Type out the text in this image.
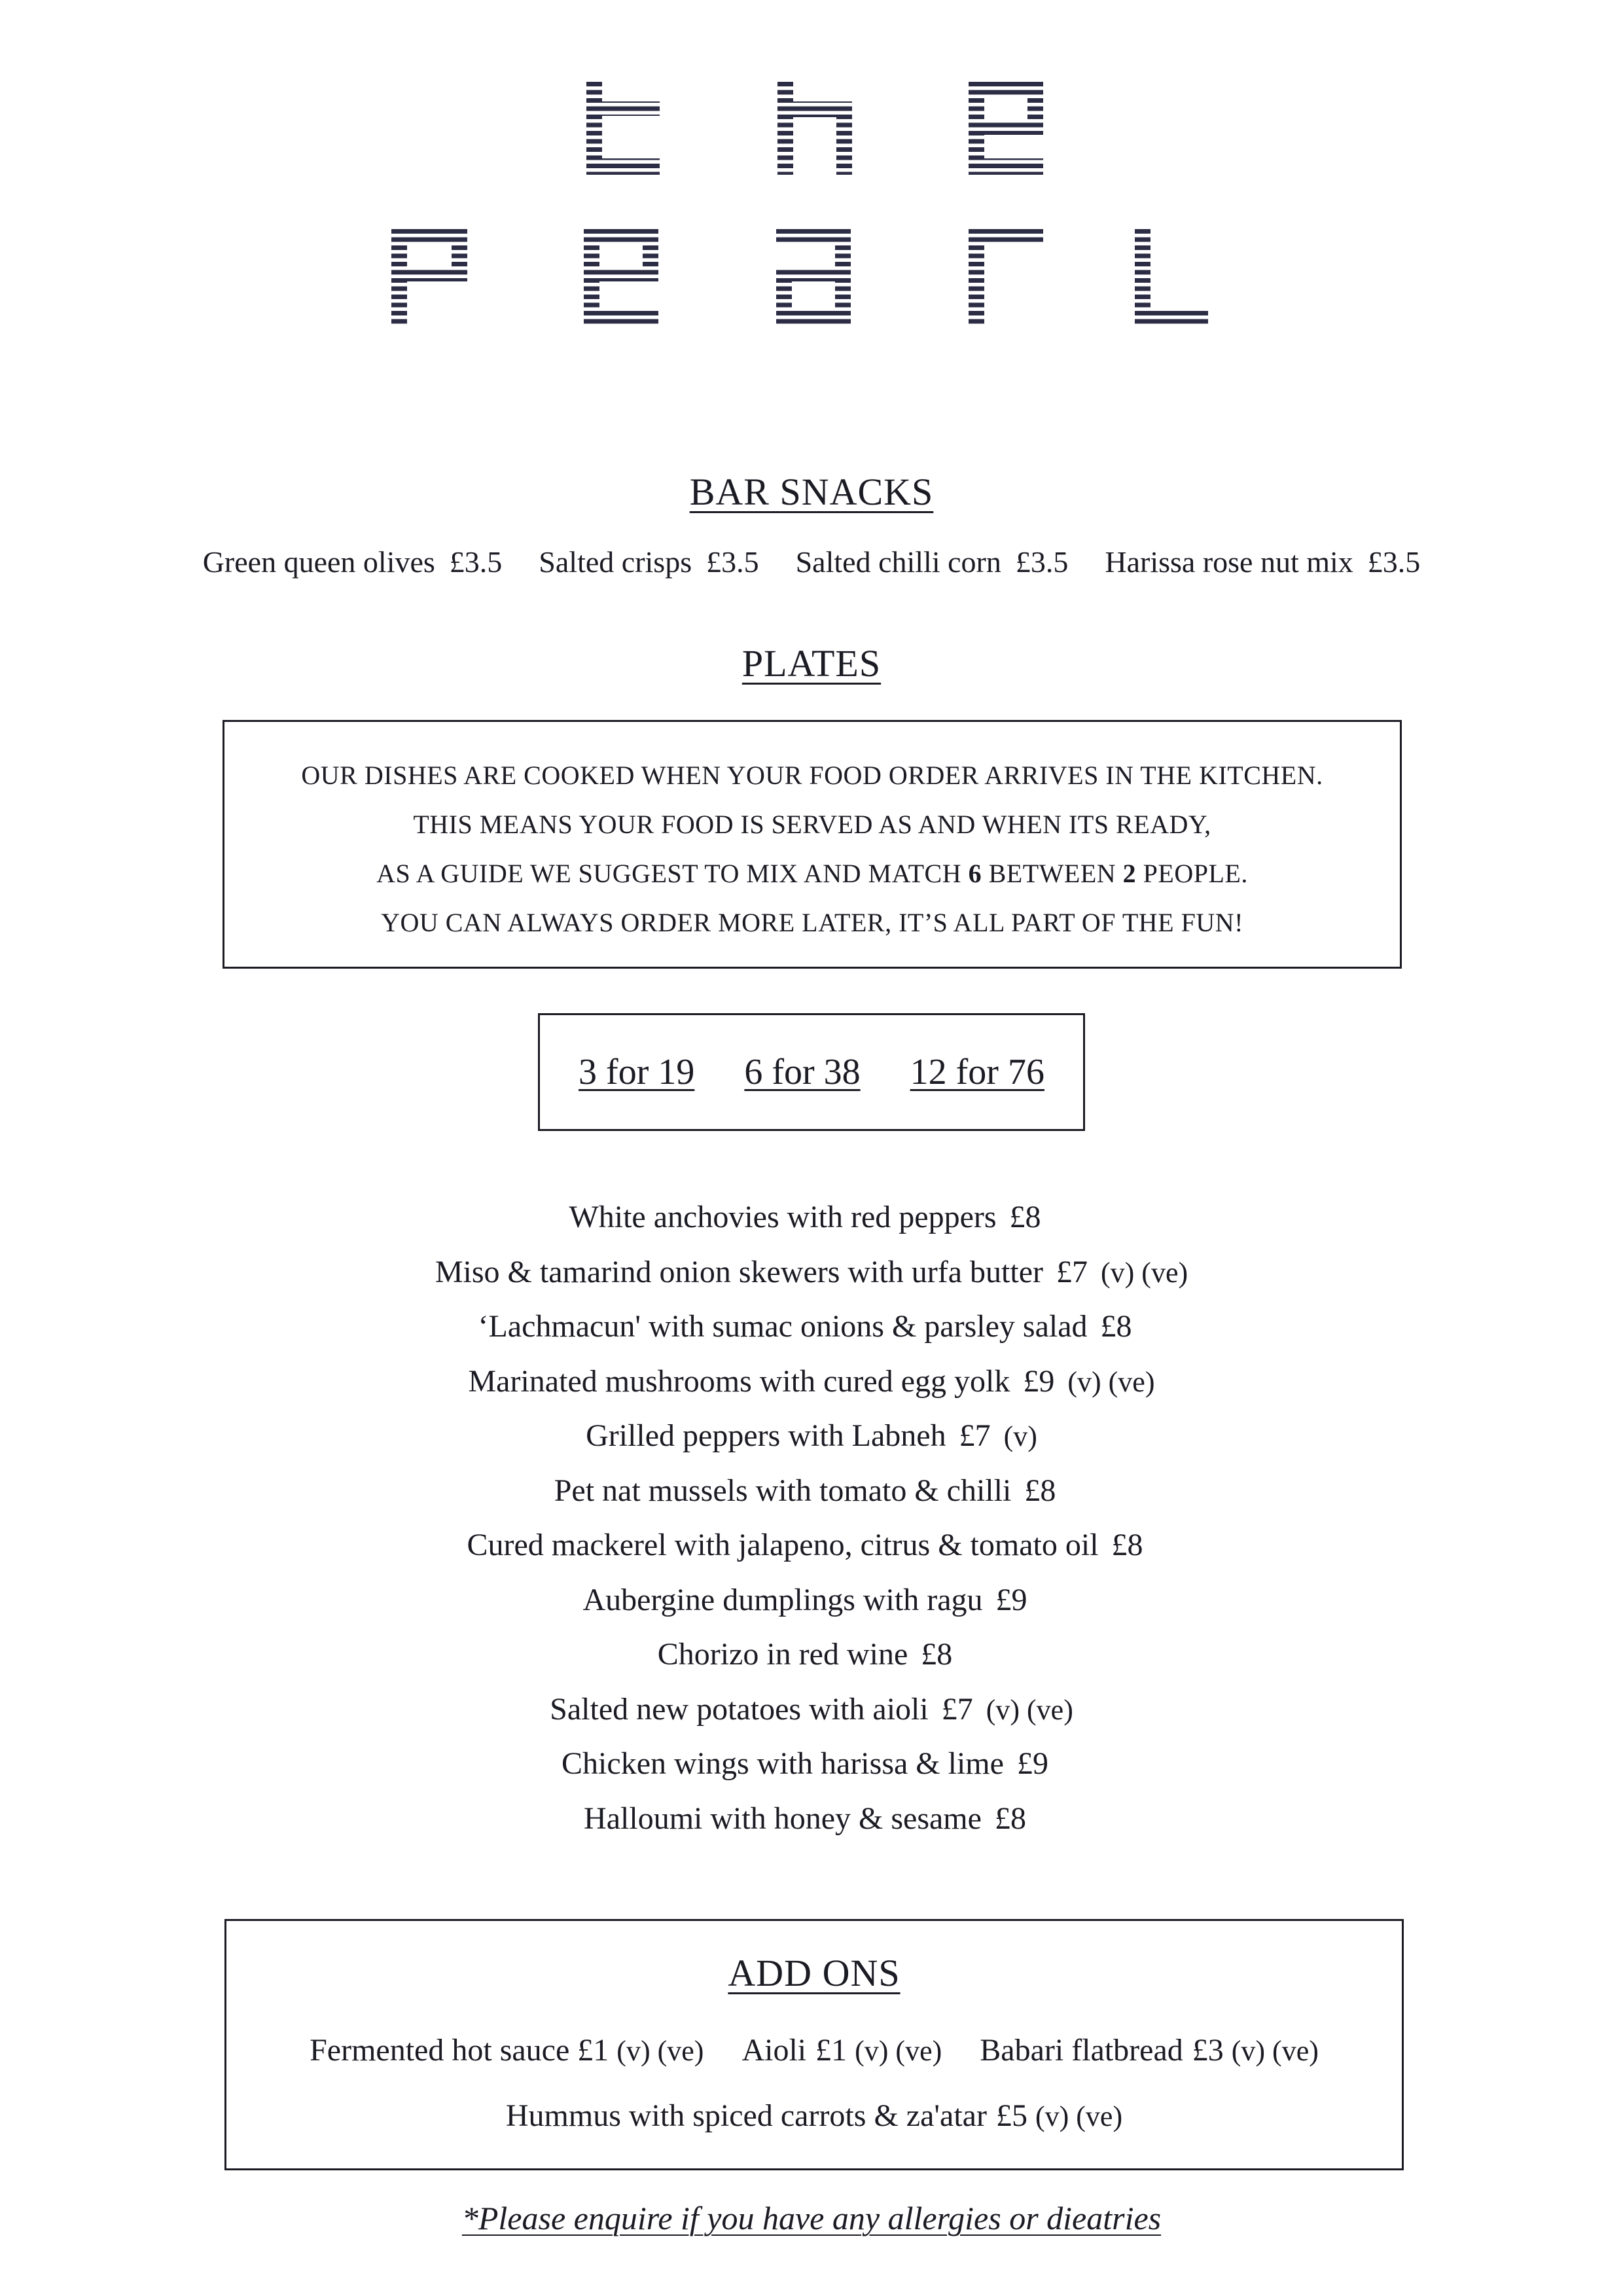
BAR SNACKS
Green queen olives £3.5 Salted crisps £3.5 Salted chilli corn £3.5 Harissa rose nut mix £3.5
PLATES
OUR DISHES ARE COOKED WHEN YOUR FOOD ORDER ARRIVES IN THE KITCHEN.
THIS MEANS YOUR FOOD IS SERVED AS AND WHEN ITS READY,
AS A GUIDE WE SUGGEST TO MIX AND MATCH 6 BETWEEN 2 PEOPLE.
YOU CAN ALWAYS ORDER MORE LATER, IT’S ALL PART OF THE FUN!
3 for 19 6 for 38 12 for 76
White anchovies with red peppers £8
Miso & tamarind onion skewers with urfa butter £7 (v) (ve)
‘Lachmacun' with sumac onions & parsley salad £8
Marinated mushrooms with cured egg yolk £9 (v) (ve)
Grilled peppers with Labneh £7 (v)
Pet nat mussels with tomato & chilli £8
Cured mackerel with jalapeno, citrus & tomato oil £8
Aubergine dumplings with ragu £9
Chorizo in red wine £8
Salted new potatoes with aioli £7 (v) (ve)
Chicken wings with harissa & lime £9
Halloumi with honey & sesame £8
ADD ONS
Fermented hot sauce £1 (v) (ve) Aioli £1 (v) (ve) Babari flatbread £3 (v) (ve)
Hummus with spiced carrots & za'atar £5 (v) (ve)
*Please enquire if you have any allergies or dieatries
